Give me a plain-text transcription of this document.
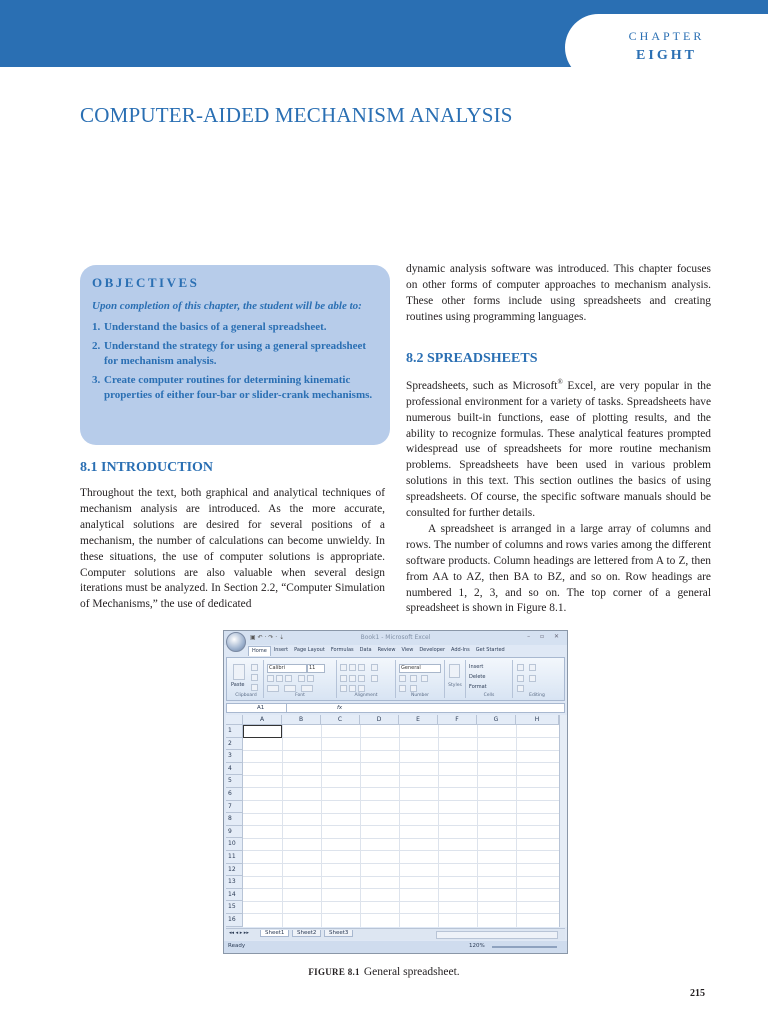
CHAPTER
EIGHT
COMPUTER-AIDED MECHANISM ANALYSIS
OBJECTIVES
Upon completion of this chapter, the student will be able to:
1. Understand the basics of a general spreadsheet.
2. Understand the strategy for using a general spreadsheet for mechanism analysis.
3. Create computer routines for determining kinematic properties of either four-bar or slider-crank mechanisms.
8.1 INTRODUCTION

Throughout the text, both graphical and analytical techniques of mechanism analysis are introduced. As the more accurate, analytical solutions are desired for several positions of a mechanism, the number of calculations can become unwieldy. In these situations, the use of computer solutions is appropriate. Computer solutions are also valuable when several design iterations must be analyzed. In Section 2.2, “Computer Simulation of Mechanisms,” the use of dedicated

dynamic analysis software was introduced. This chapter focuses on other forms of computer approaches to mechanism analysis. These other forms include using spreadsheets and creating routines using programming languages.

8.2 SPREADSHEETS

Spreadsheets, such as Microsoft® Excel, are very popular in the professional environment for a variety of tasks. Spreadsheets have numerous built-in functions, ease of plotting results, and the ability to recognize formulas. These analytical features prompted widespread use of spreadsheets for more routine mechanism problems. Spreadsheets have been used in various problem solutions in this text. This section outlines the basics of using spreadsheets. Of course, the specific software manuals should be consulted for further details.

A spreadsheet is arranged in a large array of columns and rows. The number of columns and rows varies among the different software products. Column headings are lettered from A to Z, then from AA to AZ, then BA to BZ, and so on. Row headings are numbered 1, 2, 3, and so on. The top corner of a general spreadsheet is shown in Figure 8.1.

▣ ↶ · ↷ · ⇣	Book1 - Microsoft Excel	– ▫ ✕
Home	Insert	Page Layout	Formulas	Data	Review	View	Developer	Add-Ins	Get Started
Paste
Clipboard
Calibri	11
Font	Alignment
General
Number
Styles
Insert
Delete
Format
Cells	Editing
A1	fx
A	B	C	D	E	F	G	H
1
2
3
4
5
6
7
8
9
10
11
12
13
14
15
16
◂◂ ◂ ▸ ▸▸	Sheet1	Sheet2	Sheet3
Ready	120%
FIGURE 8.1 General spreadsheet.
215
